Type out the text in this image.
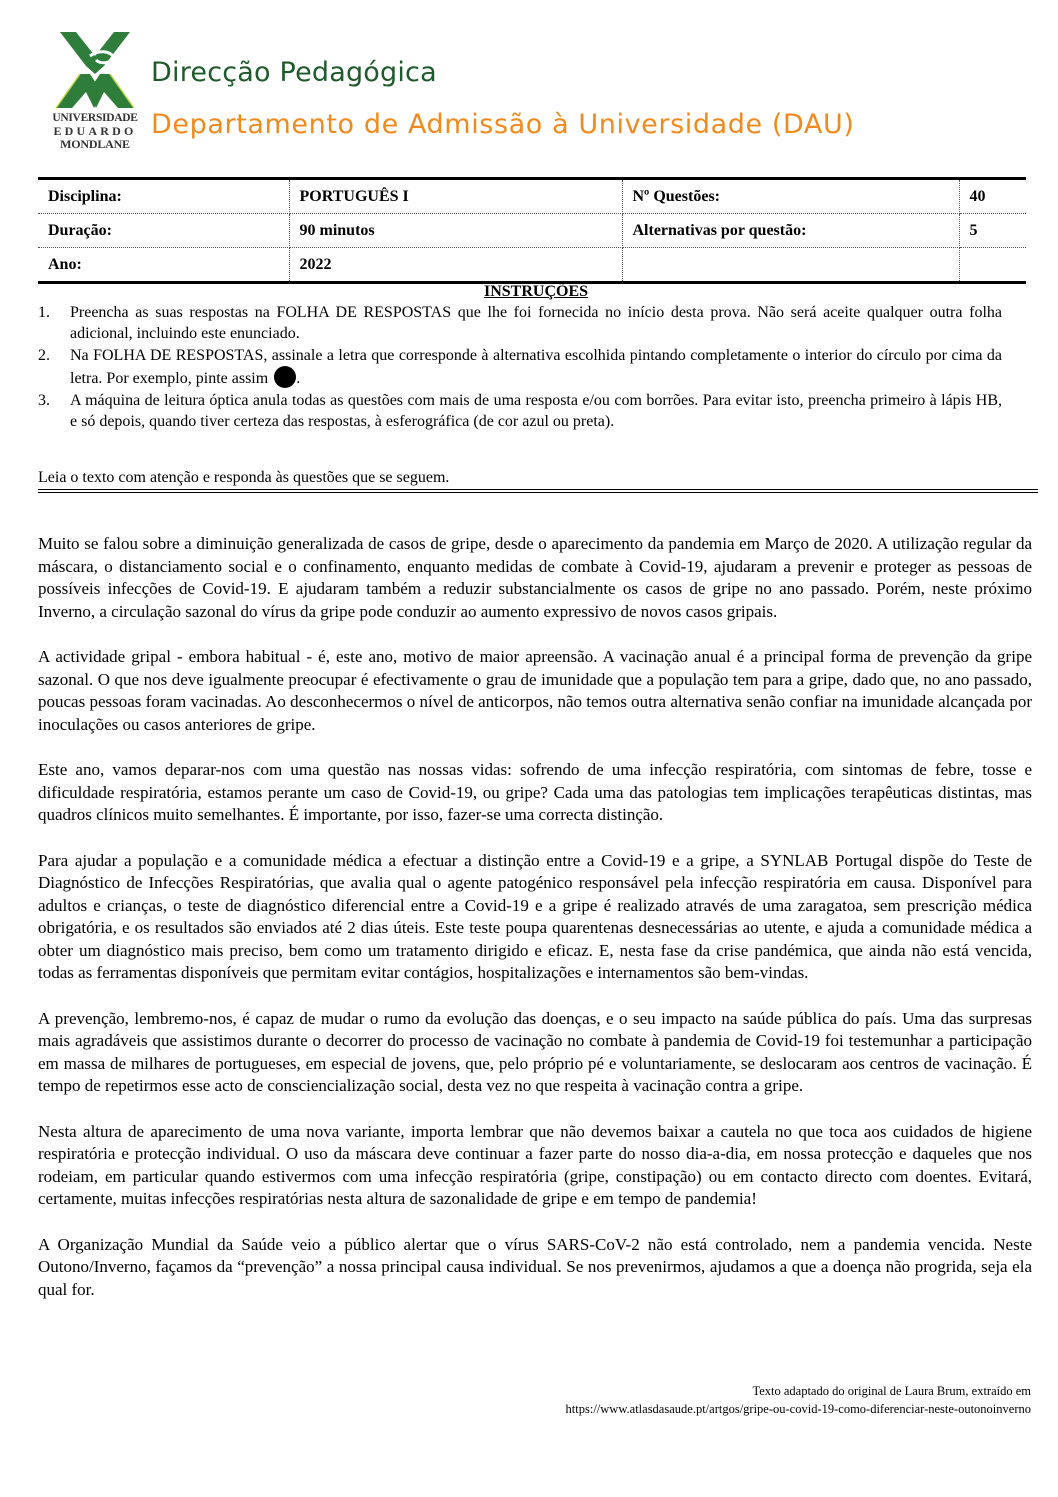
UNIVERSIDADE
EDUARDO
MONDLANE
Direcção Pedagógica
Departamento de Admissão à Universidade (DAU)
Disciplina:	PORTUGUÊS I	Nº Questões:	40
Duração:	90 minutos	Alternativas por questão:	5
Ano:	2022		
INSTRUÇÕES
1. Preencha as suas respostas na FOLHA DE RESPOSTAS que lhe foi fornecida no início desta prova. Não será aceite qualquer outra folha adicional, incluindo este enunciado.
2. Na FOLHA DE RESPOSTAS, assinale a letra que corresponde à alternativa escolhida pintando completamente o interior do círculo por cima da letra. Por exemplo, pinte assim .
3. A máquina de leitura óptica anula todas as questões com mais de uma resposta e/ou com borrões. Para evitar isto, preencha primeiro à lápis HB, e só depois, quando tiver certeza das respostas, à esferográfica (de cor azul ou preta).
Leia o texto com atenção e responda às questões que se seguem.

Muito se falou sobre a diminuição generalizada de casos de gripe, desde o aparecimento da pandemia em Março de 2020. A utilização regular da máscara, o distanciamento social e o confinamento, enquanto medidas de combate à Covid-19, ajudaram a prevenir e proteger as pessoas de possíveis infecções de Covid-19. E ajudaram também a reduzir substancialmente os casos de gripe no ano passado. Porém, neste próximo Inverno, a circulação sazonal do vírus da gripe pode conduzir ao aumento expressivo de novos casos gripais.

A actividade gripal - embora habitual - é, este ano, motivo de maior apreensão. A vacinação anual é a principal forma de prevenção da gripe sazonal. O que nos deve igualmente preocupar é efectivamente o grau de imunidade que a população tem para a gripe, dado que, no ano passado, poucas pessoas foram vacinadas. Ao desconhecermos o nível de anticorpos, não temos outra alternativa senão confiar na imunidade alcançada por inoculações ou casos anteriores de gripe.

Este ano, vamos deparar-nos com uma questão nas nossas vidas: sofrendo de uma infecção respiratória, com sintomas de febre, tosse e dificuldade respiratória, estamos perante um caso de Covid-19, ou gripe? Cada uma das patologias tem implicações terapêuticas distintas, mas quadros clínicos muito semelhantes. É importante, por isso, fazer-se uma correcta distinção.

Para ajudar a população e a comunidade médica a efectuar a distinção entre a Covid-19 e a gripe, a SYNLAB Portugal dispõe do Teste de Diagnóstico de Infecções Respiratórias, que avalia qual o agente patogénico responsável pela infecção respiratória em causa. Disponível para adultos e crianças, o teste de diagnóstico diferencial entre a Covid-19 e a gripe é realizado através de uma zaragatoa, sem prescrição médica obrigatória, e os resultados são enviados até 2 dias úteis. Este teste poupa quarentenas desnecessárias ao utente, e ajuda a comunidade médica a obter um diagnóstico mais preciso, bem como um tratamento dirigido e eficaz. E, nesta fase da crise pandémica, que ainda não está vencida, todas as ferramentas disponíveis que permitam evitar contágios, hospitalizações e internamentos são bem-vindas.

A prevenção, lembremo-nos, é capaz de mudar o rumo da evolução das doenças, e o seu impacto na saúde pública do país. Uma das surpresas mais agradáveis que assistimos durante o decorrer do processo de vacinação no combate à pandemia de Covid-19 foi testemunhar a participação em massa de milhares de portugueses, em especial de jovens, que, pelo próprio pé e voluntariamente, se deslocaram aos centros de vacinação. É tempo de repetirmos esse acto de consciencialização social, desta vez no que respeita à vacinação contra a gripe.

Nesta altura de aparecimento de uma nova variante, importa lembrar que não devemos baixar a cautela no que toca aos cuidados de higiene respiratória e protecção individual. O uso da máscara deve continuar a fazer parte do nosso dia-a-dia, em nossa protecção e daqueles que nos rodeiam, em particular quando estivermos com uma infecção respiratória (gripe, constipação) ou em contacto directo com doentes. Evitará, certamente, muitas infecções respiratórias nesta altura de sazonalidade de gripe e em tempo de pandemia!

A Organização Mundial da Saúde veio a público alertar que o vírus SARS-CoV-2 não está controlado, nem a pandemia vencida. Neste Outono/Inverno, façamos da “prevenção” a nossa principal causa individual. Se nos prevenirmos, ajudamos a que a doença não progrida, seja ela qual for.

Texto adaptado do original de Laura Brum, extraído em
https://www.atlasdasaude.pt/artgos/gripe-ou-covid-19-como-diferenciar-neste-outonoinverno
